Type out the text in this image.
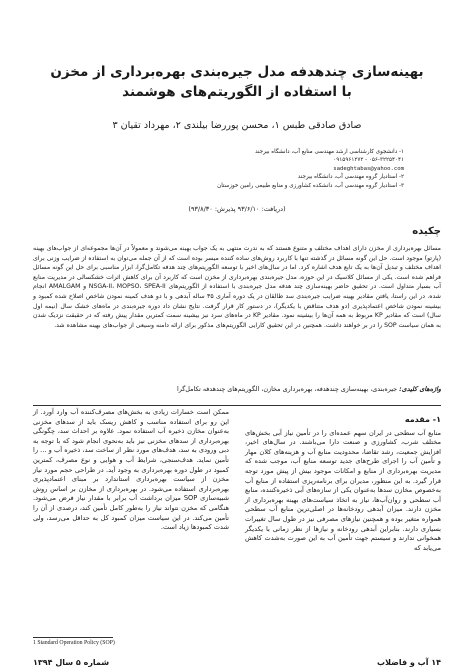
بهینه‌سازی چندهدفه مدل جیره‌بندی بهره‌برداری از مخزن
با استفاده از الگوریتم‌های هوشمند
صادق صادقی طبس ۱، محسن پوررضا بیلندی ۲، مهرداد تقیان ۳
۱- دانشجوی کارشناسی ارشد مهندسی منابع آب، دانشگاه بیرجند
۰۵۶-۳۲۲۵۴۰۴۱ - ۰۹۱۵۹۶۱۲۷۲
sadeghtabas@yahoo.com
۲- استادیار گروه مهندسی آب، دانشگاه بیرجند
۳- استادیار گروه مهندسی آب، دانشکده کشاورزی و منابع طبیعی رامین خوزستان
(دریافت: ۹۳/۶/۱۰ پذیرش: ۹۳/۸/۳۰)
چکیده
مسائل بهره‌برداری از مخزن دارای اهداف مختلف و متنوع هستند که به ندرت منتهی به یک جواب بهینه می‌شوند و معمولاً در آن‌ها مجموعه‌ای از جواب‌های بهینه (پارتو) موجود است. حل این گونه مسائل در گذشته تنها با کاربرد روش‌های ساده کننده میسر بوده است که از آن جمله می‌توان به استفاده از ضرایب وزنی برای اهداف مختلف و تبدیل آن‌ها به یک تابع هدف اشاره کرد. اما در سال‌های اخیر با توسعه الگوریتم‌های چند هدفه تکامل‌گرا، ابزار مناسبی برای حل این گونه مسائل فراهم شده است. یکی از مسائل کلاسیک در این حوزه، مدل جیره‌بندی بهره‌برداری از مخزن است که کاربرد آن برای کاهش اثرات خشکسالی در مدیریت منابع آب بسیار متداول است. در تحقیق حاضر بهینه‌سازی چند هدفه مدل جیره‌بندی با استفاده از الگوریتم‌های NSGA-II، MOPSO، SPEA-II و AMALGAM انجام شده. در این راستا، یافتن مقادیر بهینه ضرایب جیره‌بندی سد طالقان در یک دوره آماری ۳۵ ساله آبدهی و با دو هدف کمینه نمودن شاخص اصلاح شده کمبود و بیشینه نمودن شاخص اعتمادپذیری (دو هدف متناقض با یکدیگر)، در دستور کار قرار گرفت. نتایج نشان داد دوره جیره‌بندی در ماه‌های خشک سال (نیمه اول سال) است که مقادیر KP مربوط به همه آن‌ها را بیشینه نمود. مقادیر KP در ماه‌های سرد نیز بیشینه سمت کمترین مقدار پیش رفته که در حقیقت نزدیک شدن به همان سیاست SOP را در بر خواهند داشت. همچنین در این تحقیق کارایی الگوریتم‌های مذکور برای ارائه دامنه وسیعی از جواب‌های بهینه مشاهده شد.
واژه‌های کلیدی: جیره‌بندی، بهینه‌سازی چندهدفه، بهره‌برداری مخازن، الگوریتم‌های چندهدفه تکامل‌گرا
۱- مقدمه
منابع آب سطحی در ایران سهم عمده‌ای را در تأمین نیاز آبی بخش‌های مختلف شرب، کشاورزی و صنعت دارا می‌باشند. در سال‌های اخیر، افزایش جمعیت، رشد تقاضا، محدودیت منابع آب و هزینه‌های کلان مهار و تأمین آب را اجرای طرح‌های جدید توسعه منابع آب، موجب شده که مدیریت بهره‌برداری از منابع و امکانات موجود بیش از پیش مورد توجه قرار گیرد. به این منظور، مدیران برای برنامه‌ریزی استفاده از منابع آب به‌خصوص مخازن سدها به‌عنوان یکی از سازه‌های آبی ذخیره‌کننده، منابع آب سطحی و روان‌آب‌ها، نیاز به اتخاذ سیاست‌های بهینه بهره‌برداری از مخزن دارند. میزان آبدهی رودخانه‌ها در اصلی‌ترین منابع آب سطحی همواره متغیر بوده و همچنین نیازهای مصرفی نیز در طول سال تغییرات بسیاری دارند. بنابراین آبدهی رودخانه و نیازها از نظر زمانی با یکدیگر همخوانی ندارند و سیستم جهت تأمین آب به این صورت به‌شدت کاهش می‌یابد که
ممکن است خسارات زیادی به بخش‌های مصرف‌کننده آب وارد آورد. از این رو برای استفاده مناسب و کاهش ریسک باید از سدهای مخزنی به‌عنوان مخازن ذخیره آب استفاده نمود. علاوه بر احداث سد، چگونگی بهره‌برداری از سدهای مخزنی نیز باید به‌نحوی انجام شود که با توجه به دبی ورودی به سد، هدف‌های مورد نظر از ساخت سد، ذخیره آب و ... را تأمین نماید. هدف‌سنجی، شرایط آب و هوایی و نوع مصرف، کمترین کمبود در طول دوره بهره‌برداری به وجود آید. در طراحی حجم مورد نیاز مخزن از سیاست بهره‌برداری استاندارد بر مبنای اعتمادپذیری بهره‌برداری استفاده می‌شود. در بهره‌برداری از مخازن بر اساس روش شبیه‌سازی SOP میزان برداشت آب برابر با مقدار نیاز فرض می‌شود. هنگامی که مخزن نتواند نیاز را به‌طور کامل تأمین کند، درصدی از آن را تأمین می‌کند. در این سیاست میزان کمبود کل به حداقل می‌رسد، ولی شدت کمبودها زیاد است.
1 Standard Operation Policy (SOP)
۱۴ آب و فاضلاب
شماره ۵ سال ۱۳۹۴
